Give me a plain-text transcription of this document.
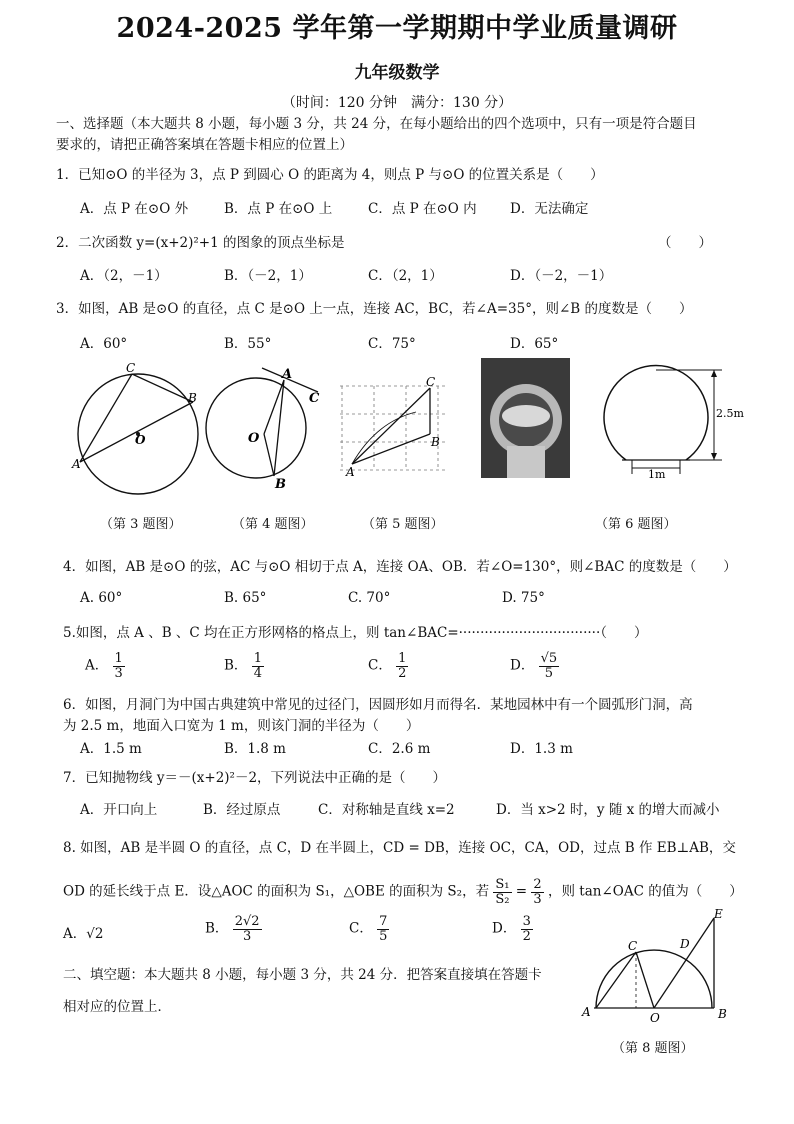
2024-2025 学年第一学期期中学业质量调研
九年级数学
（时间：120 分钟　满分：130 分）
一、选择题（本大题共 8 小题，每小题 3 分，共 24 分，在每小题给出的四个选项中，只有一项是符合题目
要求的，请把正确答案填在答题卡相应的位置上）
1．已知⊙O 的半径为 3，点 P 到圆心 O 的距离为 4，则点 P 与⊙O 的位置关系是（　　）
A．点 P 在⊙O 外	B．点 P 在⊙O 上	C．点 P 在⊙O 内 D．无法确定
2．二次函数 y=(x+2)²+1 的图象的顶点坐标是	（　　）
A．（2，－1）	B．（－2，1）	C．（2，1）	D．（－2，－1）
3．如图，AB 是⊙O 的直径，点 C 是⊙O 上一点，连接 AC，BC，若∠A=35°，则∠B 的度数是（　　）
A．60°	B．55°	C．75°	D．65°
C
B
O
A
（第 3 题图）
A
C
O
B
（第 4 题图）
C
B
A
（第 5 题图）
2.5m
1m
（第 6 题图）
4．如图，AB 是⊙O 的弦，AC 与⊙O 相切于点 A，连接 OA、OB．若∠O=130°，则∠BAC 的度数是（　　）
A. 60°	B. 65°	C. 70°	D. 75°
5.如图，点 A 、B 、C 均在正方形网格的格点上，则 tan∠BAC=·································（　　）
A． $\frac{1}{3}$	B． $\frac{1}{4}$	C． $\frac{1}{2}$	D． $\frac{√5}{5}$
6．如图，月洞门为中国古典建筑中常见的过径门，因圆形如月而得名．某地园林中有一个圆弧形门洞，高
为 2.5 m，地面入口宽为 1 m，则该门洞的半径为（　　）
A．1.5 m	B．1.8 m	C．2.6 m	D．1.3 m
7．已知抛物线 y＝－(x+2)²－2，下列说法中正确的是（　　）
A．开口向上	B．经过原点	C．对称轴是直线 x=2	D．当 x>2 时，y 随 x 的增大而减小
8. 如图，AB 是半圆 O 的直径，点 C，D 在半圆上，CD = DB，连接 OC，CA，OD，过点 B 作 EB⊥AB，交
OD 的延长线于点 E．设△AOC 的面积为 S₁，△OBE 的面积为 S₂，若 $\frac{\text{S₁}}{\text{S₂}} = \frac{2}{3}$ ，则 tan∠OAC 的值为（　　）
A．√2	B． $\frac{2√2}{3}$	C． $\frac{7}{5}$	D． $\frac{3}{2}$
E
C	D
A	O	B
（第 8 题图）
二、填空题：本大题共 8 小题，每小题 3 分，共 24 分．把答案直接填在答题卡
相对应的位置上．
